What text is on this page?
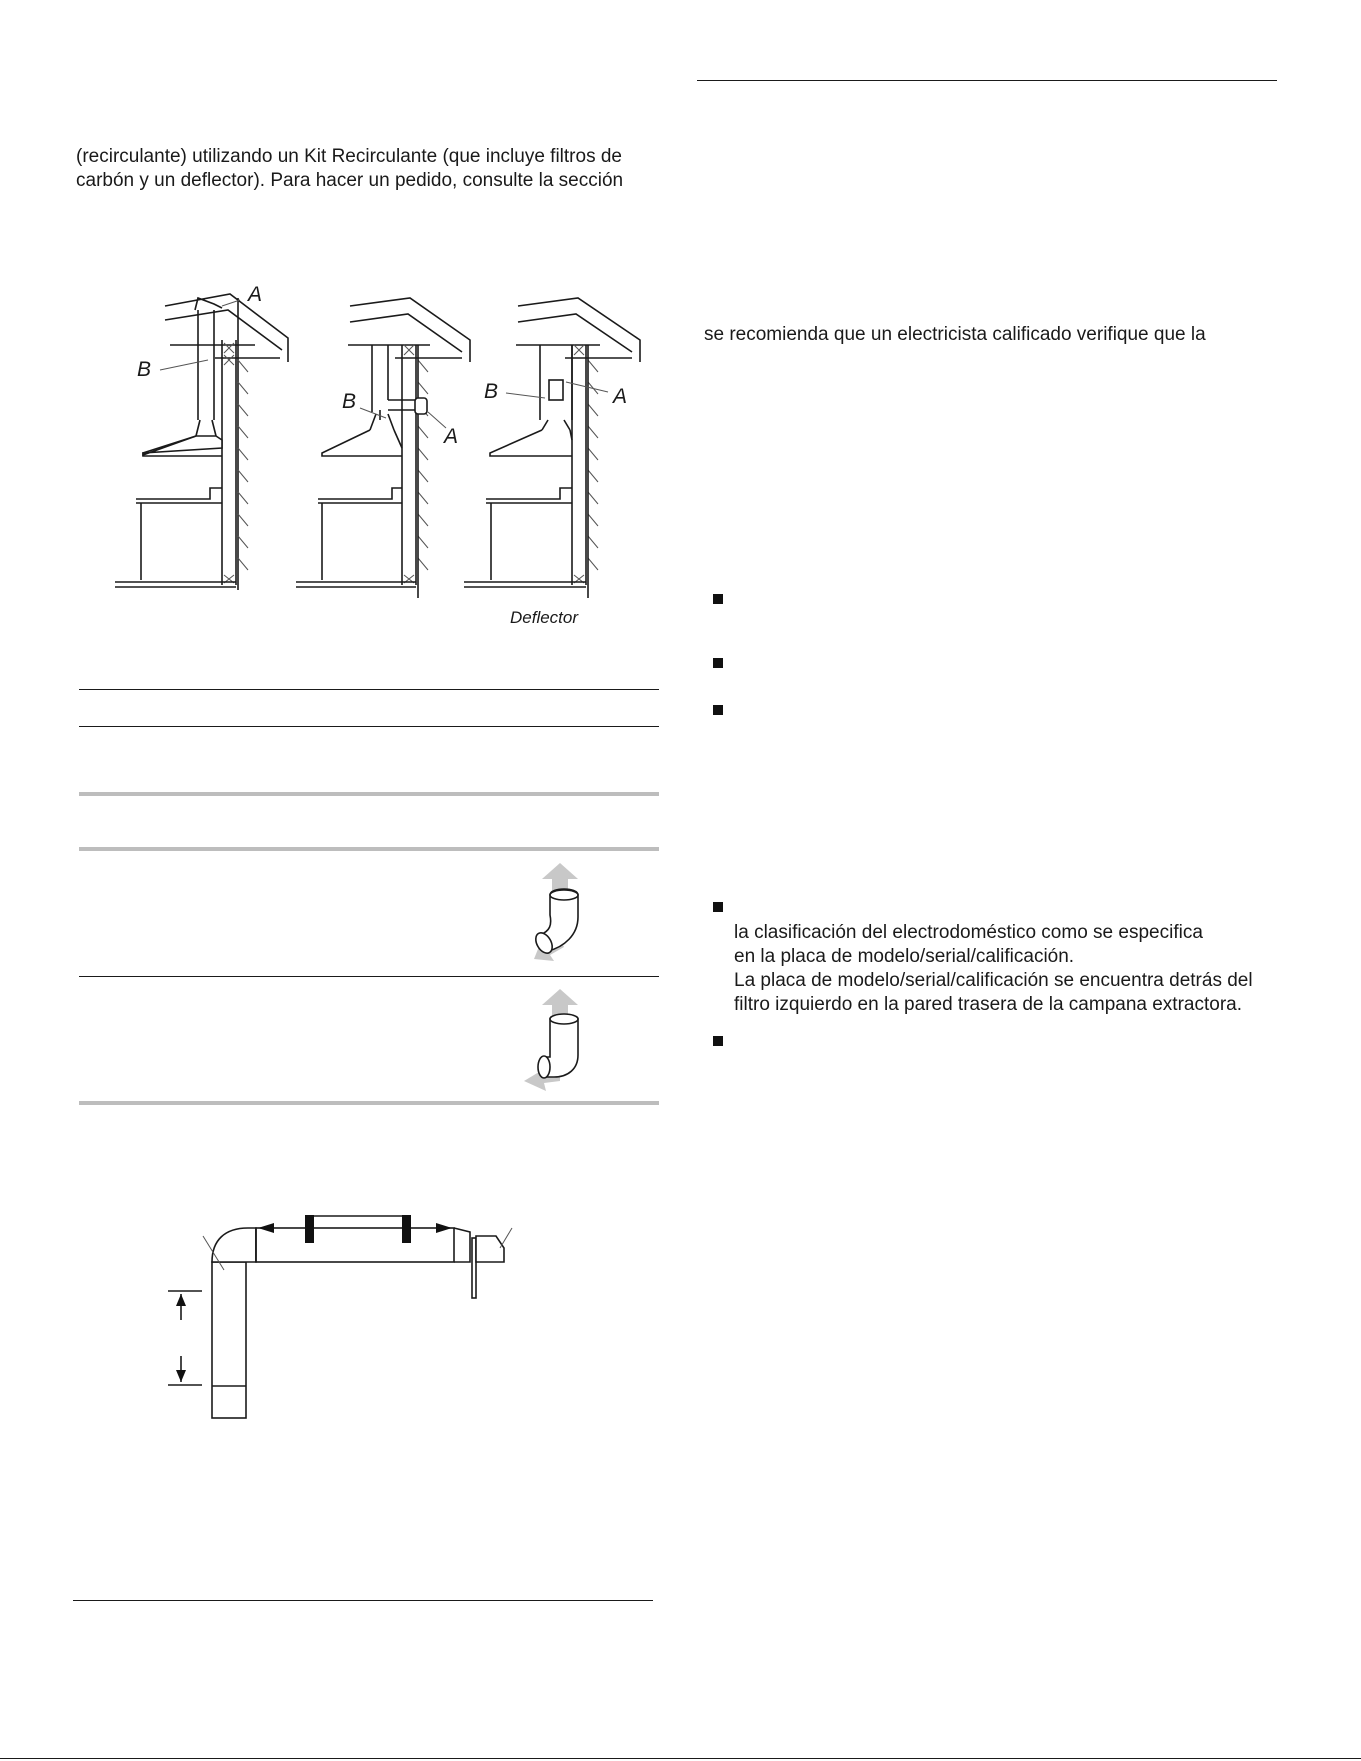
(recirculante) utilizando un Kit Recirculante (que incluye filtros de
carbón y un deflector). Para hacer un pedido, consulte la sección
A
B
B
A
B	A
Deflector
se recomienda que un electricista calificado verifique que la
la clasificación del electrodoméstico como se especifica
en la placa de modelo/serial/calificación.
La placa de modelo/serial/calificación se encuentra detrás del
filtro izquierdo en la pared trasera de la campana extractora.
